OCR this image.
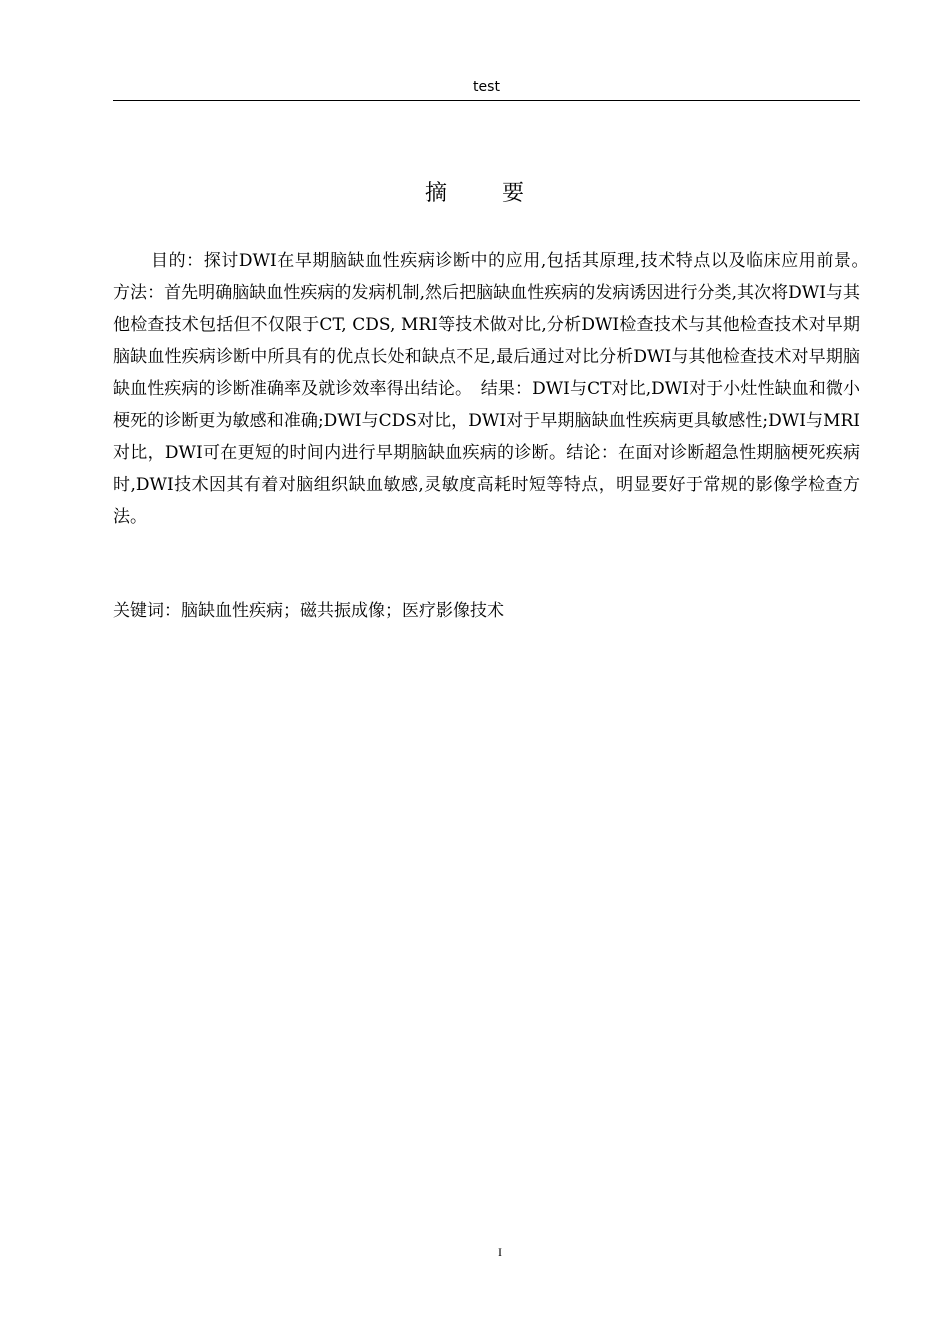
test
摘 要

目的：探讨DWI在早期脑缺血性疾病诊断中的应用,包括其原理,技术特点以及临床应用前景。　方法：首先明确脑缺血性疾病的发病机制,然后把脑缺血性疾病的发病诱因进行分类,其次将DWI与其他检查技术包括但不仅限于CT, CDS, MRI等技术做对比,分析DWI检查技术与其他检查技术对早期脑缺血性疾病诊断中所具有的优点长处和缺点不足,最后通过对比分析DWI与其他检查技术对早期脑缺血性疾病的诊断准确率及就诊效率得出结论。　结果：DWI与CT对比,DWI对于小灶性缺血和微小梗死的诊断更为敏感和准确;DWI与CDS对比，DWI对于早期脑缺血性疾病更具敏感性;DWI与MRI对比，DWI可在更短的时间内进行早期脑缺血疾病的诊断。结论：在面对诊断超急性期脑梗死疾病时,DWI技术因其有着对脑组织缺血敏感,灵敏度高耗时短等特点，明显要好于常规的影像学检查方法。

关键词：脑缺血性疾病；磁共振成像；医疗影像技术

I
